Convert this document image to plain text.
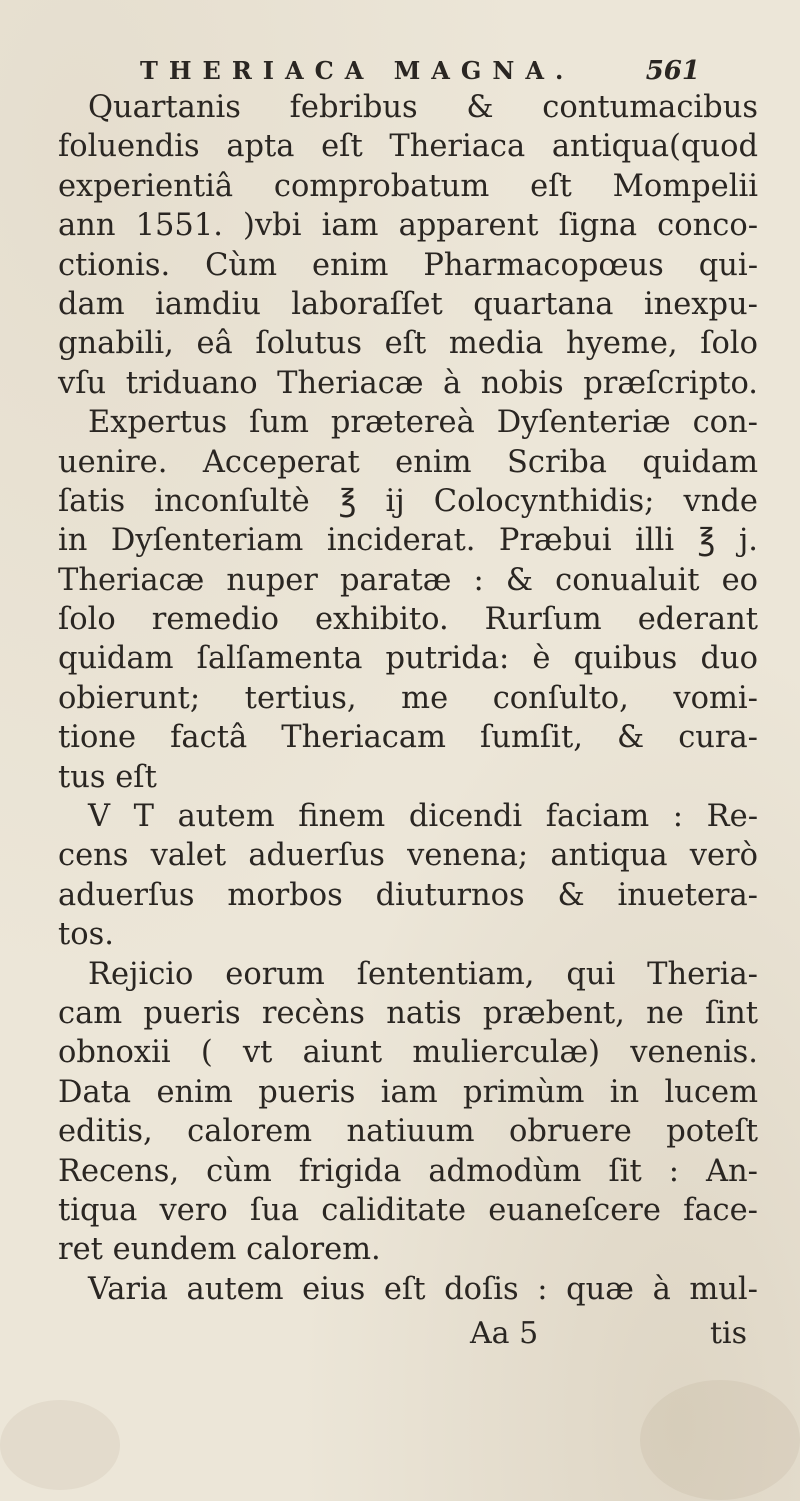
THERIACA MAGNA.	561
Quartanis febribus & contumacibus
foluendis apta eſt Theriaca antiqua(quod
experientiâ comprobatum eſt Mompelii
ann 1551. )vbi iam apparent ſigna conco-
ctionis. Cùm enim Pharmacopœus qui-
dam iamdiu laboraſſet quartana inexpu-
gnabili, eâ ſolutus eſt media hyeme, ſolo
vſu triduano Theriacæ à nobis præſcripto.
Expertus ſum prætereà Dyſenteriæ con-
uenire. Acceperat enim Scriba quidam
ſatis inconſultè ℥ ij Colocynthidis; vnde
in Dyſenteriam inciderat. Præbui illi ℥ j.
Theriacæ nuper paratæ : & conualuit eo
ſolo remedio exhibito. Rurſum ederant
quidam ſalſamenta putrida: è quibus duo
obierunt; tertius, me conſulto, vomi-
tione factâ Theriacam ſumſit, & cura-
tus eſt
V T autem finem dicendi faciam : Re-
cens valet aduerſus venena; antiqua verò
aduerſus morbos diuturnos & inuetera-
tos.
Rejicio eorum ſententiam, qui Theria-
cam pueris recèns natis præbent, ne ſint
obnoxii ( vt aiunt mulierculæ) venenis.
Data enim pueris iam primùm in lucem
editis, calorem natiuum obruere poteſt
Recens, cùm frigida admodùm ſit : An-
tiqua vero ſua caliditate euaneſcere face-
ret eundem calorem.
Varia autem eius eſt doſis : quæ à mul-
Aa 5	tis
